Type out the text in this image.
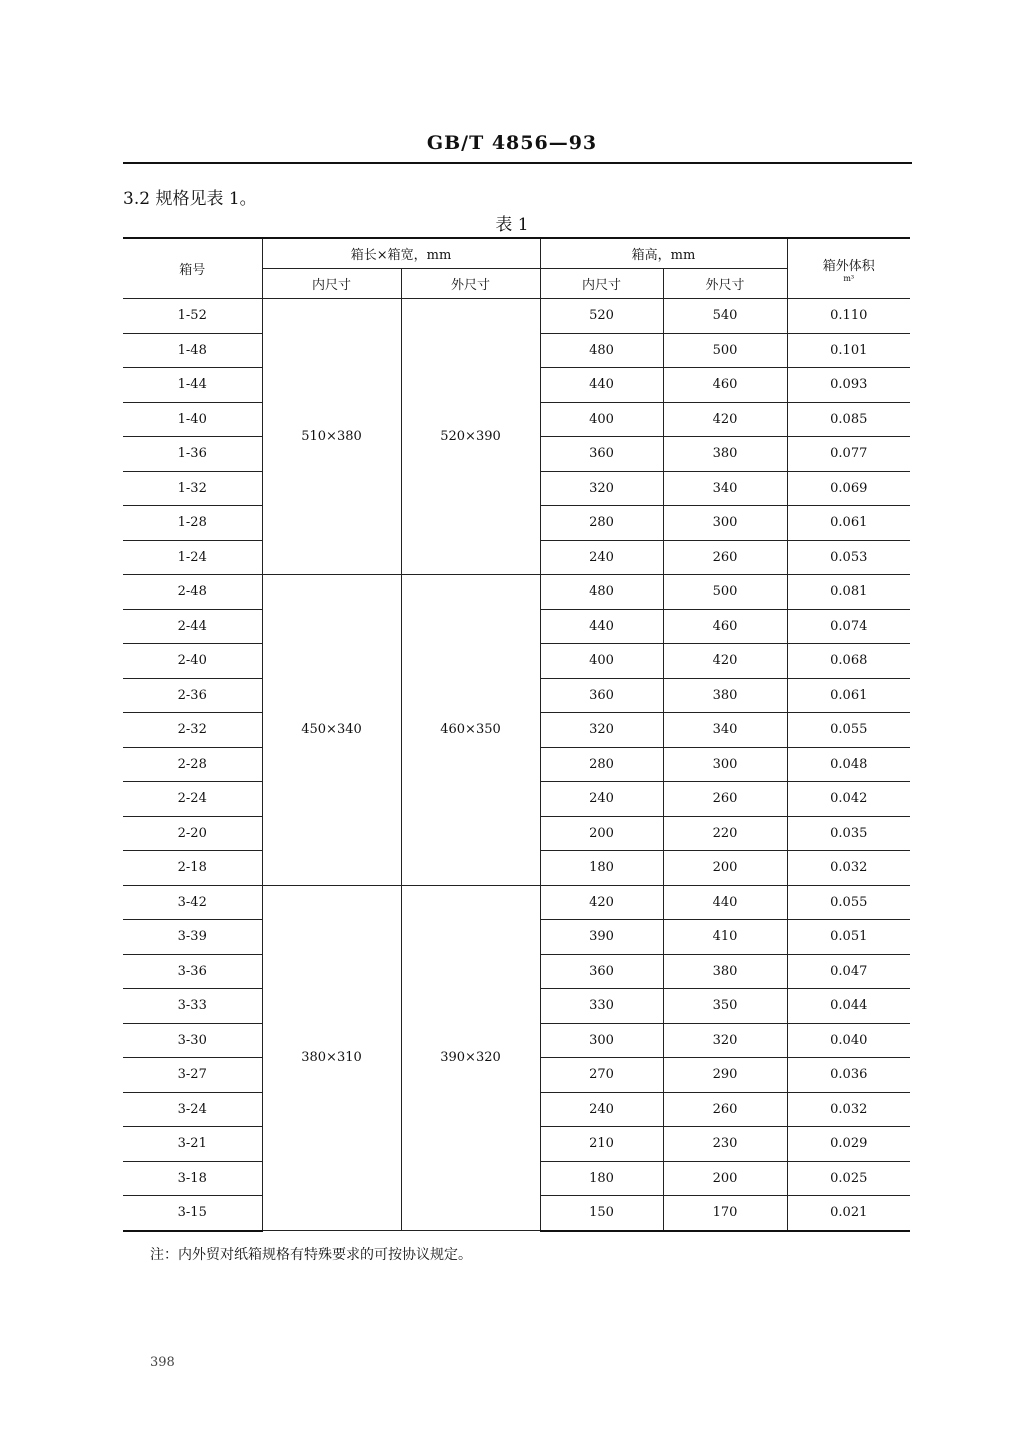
GB/T 4856—93
3.2 规格见表 1。
表 1
箱号	箱长×箱宽，mm		箱高，mm		箱外体积
m³

	内尺寸	外尺寸	内尺寸	外尺寸	
1-52	510×380	520×390	520	540	0.110
1-48			480	500	0.101
1-44			440	460	0.093
1-40			400	420	0.085
1-36			360	380	0.077
1-32			320	340	0.069
1-28			280	300	0.061
1-24			240	260	0.053
2-48	450×340	460×350	480	500	0.081
2-44			440	460	0.074
2-40			400	420	0.068
2-36			360	380	0.061
2-32			320	340	0.055
2-28			280	300	0.048
2-24			240	260	0.042
2-20			200	220	0.035
2-18			180	200	0.032
3-42	380×310	390×320	420	440	0.055
3-39			390	410	0.051
3-36			360	380	0.047
3-33			330	350	0.044
3-30			300	320	0.040
3-27			270	290	0.036
3-24			240	260	0.032
3-21			210	230	0.029
3-18			180	200	0.025
3-15			150	170	0.021
注：内外贸对纸箱规格有特殊要求的可按协议规定。
398
